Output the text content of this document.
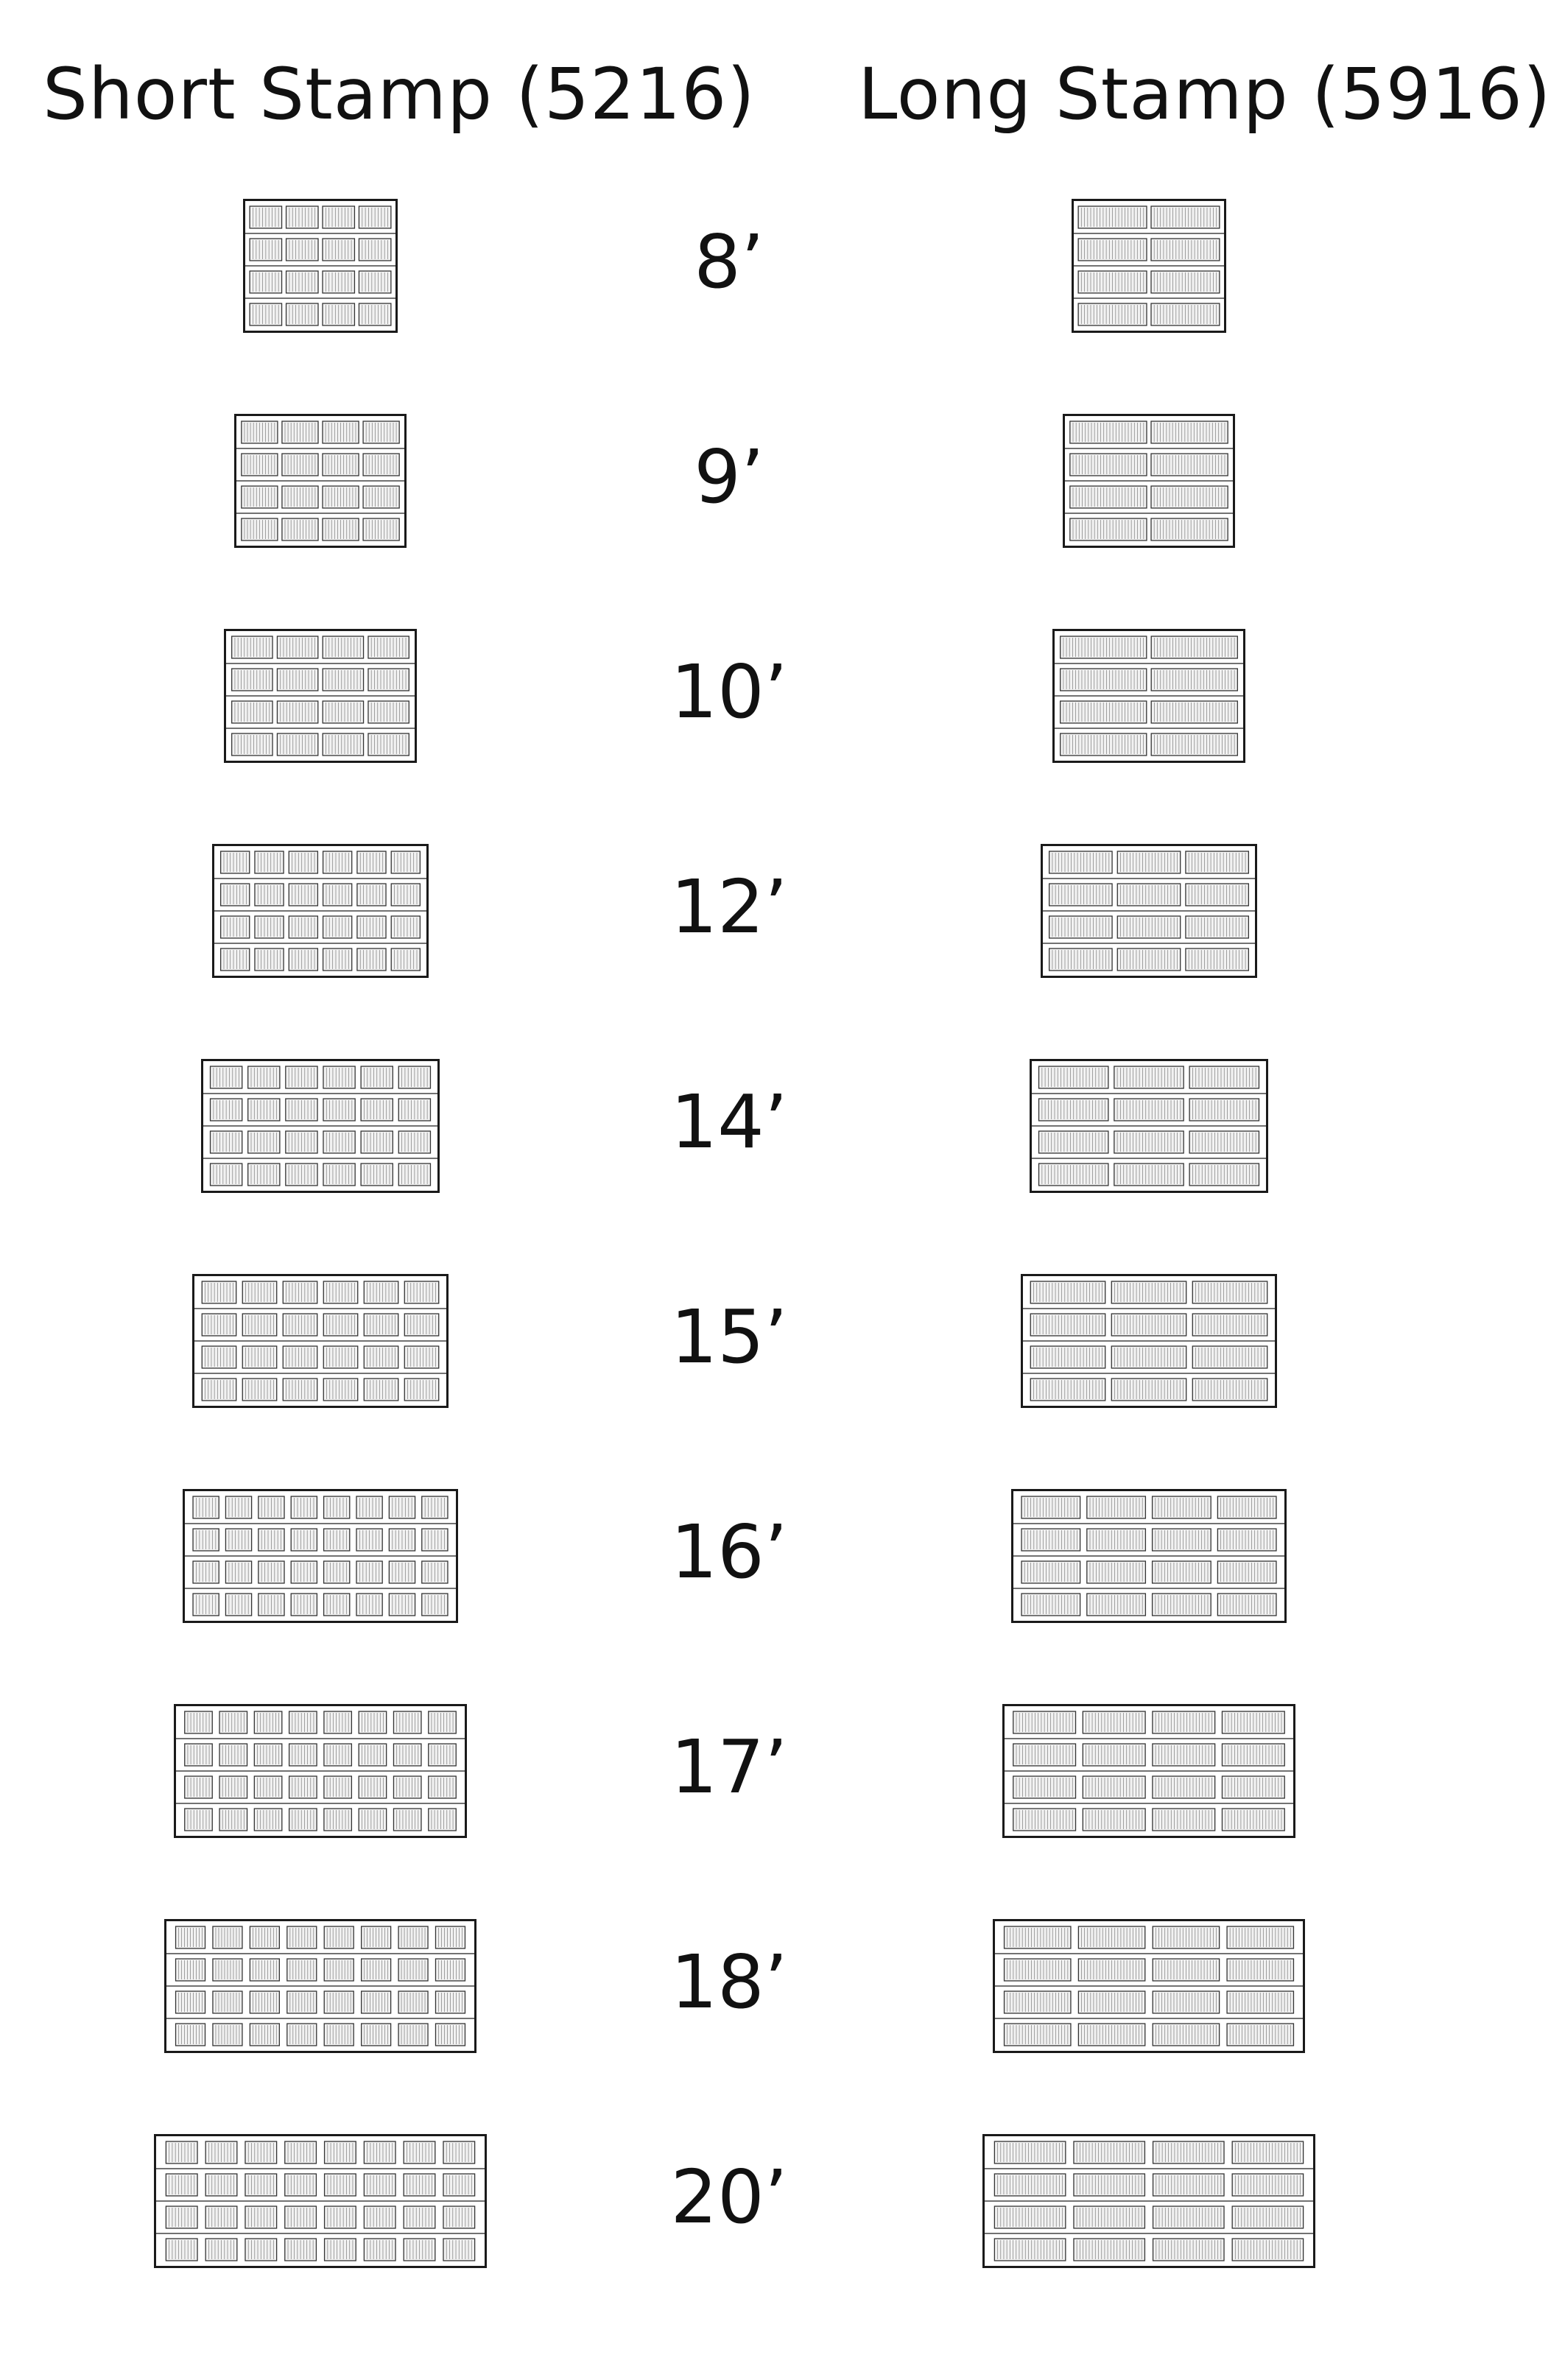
Short Stamp (5216) Long Stamp (5916)
8’
9’
10’
12’
14’
15’
16’
17’
18’
20’
